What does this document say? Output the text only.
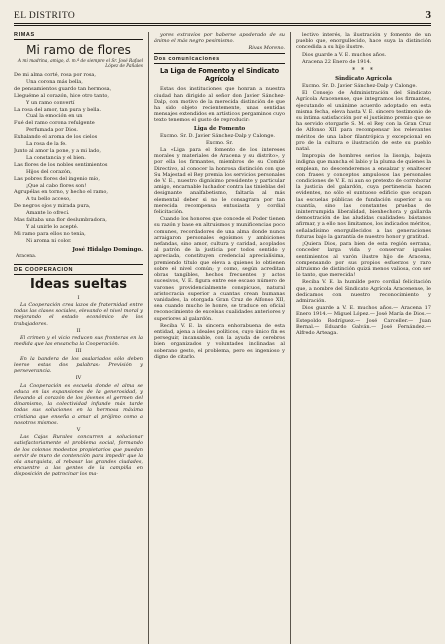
EL DISTRITO	3
RIMAS
Mi ramo de flores
A mi madrina, amigo, d. m.ª de siempre el Sr. José Rafael López de Pañales

De mi alma corté, rosa por rosa,

Una corona más bella,

de pensamientos guardo tan hermosa,

Lleguéme al corazón, hice otro tanto,

Y un ramo convertí

La rosa del amor, tan pura y bella.

Cual la emoción en un

Fué del ramo corona refulgente

Perfumada por Dios.

Exhalando el aroma de los cielos

La rosa de la fe.

Junto al amor la pone, y a mi lado,

La constancia y el bien.

Las flores de los nobles sentimientos

Hijos del corazón,

Las pobres flores del ingenio mío,

¡Que al cabo flores son!

Agrupélas en torno, y hecho el ramo,

A tu bello acceso,

De negros ojos y mirada pura,

Amante lo ofrecí.

Mas faltaba una flor deslumbradora,

Y al unirle lo acepté.

Mi ramo para ellos no tenía,

Ni aroma ni color.

José Hidalgo Domingo.

Aracena.

DE COOPERACION
Ideas sueltas

I

La Cooperación crea lazos de fraternidad entre todas las clases sociales, elevando el nivel moral y mejorando el estado económico de los trabajadores.

II

El crimen y el vicio reducen sus fronteras en la medida que las ensancha la Cooperación.

III

En la bandera de los asalariados sólo deben leerse estas dos palabras: Previsión y perseverancia.

IV

La Cooperación es escuela donde el alma se educa en las expansiones de la generosidad, y llevando al corazón de los jóvenes el germen del dinamismo, la colectividad infunde más tarde todas sus soluciones en la hermosa máxima cristiana que enseña a amar al prójimo como a nosotros mismos.

V

Las Cajas Rurales concurren a solucionar satisfactoriamente el problema social, formando de los colonos modestos propietarios que puedan servir de muro de contención para impedir que la ola anarquista, al rebasar las grandes ciudades, encuentre a las gentes de la campiña en disposición de patrocinar los ma-

yores extravíos por haberse apoderado de su ánimo el más negro pesimismo.

Rivas Moreno.
Dos comunicaciones
La Liga de Fomento y el Sindicato Agrícola

Estas dos instituciones que honran a nuestra ciudad han dirigido al señor don Javier Sánchez-Dalp, con motivo de la merecida distinción de que ha sido objeto recientemente, unas sentidas mensajes extendidos en artísticos pergaminos cuyo texto tenemos el gusto de reproducir:

Liga de Fomento

Excmo. Sr. D. Javier Sánchez-Dalp y Calonge.

Excmo. Sr.

La «Liga para el fomento de los intereses morales y materiales de Aracena y su distrito», y por ella los firmantes, miembros de su Comité Directivo, al conocer la honrosa distinción con que Su Majestad el Rey premia los servicios personales de V. E., nuestro dignísimo presidente y particular amigo, encarnable luchador contra las tinieblas del designante analfabetismo, faltaría al más elemental deber si no le consagrara por tan merecida recompensa entusiasta y cordial felicitación.

Cuando los honores que concede el Poder tienen su razón y base en altruismos y munificencias poco comunes, recordadores de una alma donde nunca arraigaron personales egoísmos y ambiciones nefandas, sino amor, cultura y caridad, acoplados al patrón de la justicia por todos sentido y apreciada, constituyen credencial aprecialísima, premiendo título que eleva a quienes lo obtienen sobre el nivel común; y como, según acreditan obras tangibles, hechos frecuentes y actos sucesivos, V. E. figura entre ese escaso número de varones providencialmente conspicuos, natural aristocracia superior a cuantas crean humanas vanidades, la otorgada Gran Cruz de Alfonso XII, sea cuando mucho le honre, se traduce en oficial reconocimiento de excelsas cualidades anteriores y superiores al galardón.

Reciba V. E. la sincera enhorabuena de esta entidad, ajena a ideales políticos, cuyo único fin es perseguir, incansable, con la ayuda de cerebros bien organizados y voluntades inclinadas al soberano gesto, el problema, pero es ingenioso y digno de citarlo.

lectivo interés, la ilustración y fomento de un pueblo que, enorgullecido, hace suya la distinción concedida a su hijo ilustre.

Dios guarde a V. E. muchos años.

Aracena 22 Enero de 1914.

* * *
Sindicato Agrícola

Excmo. Sr. D. Javier Sánchez-Dalp y Calonge.

El Consejo de Administración del Sindicato Agrícola Aracenense, que integramos los firmantes, ejecutando el unánime acuerdo adoptado en esta misma fecha, eleva hasta V. E. sincero testimonio de su íntima satisfacción por el justísimo premio que se ha servido otorgarle S. M. el Rey con la Gran Cruz de Alfonso XII para recompensar los relevantes méritos de una labor filantrópica y excepcional en pro de la cultura e ilustración de este su pueblo natal.

Impropia de hombres serios la lisonja, bajeza indigna que mancha el labio y la pluma de quienes la emplean, no descenderemos a ensalzar y enaltecer con frases y conceptos ampulosos las personales condiciones de V. E. ni aun so pretexto de corroborar la justicia del galardón, cuya pertinencia hacen evidentes, no sólo el suntuoso edificio que ocupan las escuelas públicas de fundación superior a su cuantía, sino las constantes pruebas de ininterrumpida liberalidad, bienhechora y gallarda demostración de las aludidas cualidades: bástanos afirmar, y a ello nos limitamos, los indicados méritos, señaladísimo enorgullecidos a las generaciones futuras bajo la garantía de nuestro honor y gratitud.

¡Quiera Dios, para bien de esta región serrana, conceder larga vida y conservar iguales sentimientos al varón ilustre hijo de Aracena, compensando por sus propios esfuerzos y raro altruismo de distinción quizá menos valiosa, con ser lo tanto, que merecida!

Reciba V. E. la humilde pero cordial felicitación que, a nombre del Sindicato Agrícola Aracenense, le dedicamos con nuestro reconocimiento y admiración.

Dios guarde a V. E. muchos años.— Aracena 17 Enero 1914.— Miguel López.— José María de Dios.— Estepoldo Rodríguez.— José Carceller.— Juan Bernal.— Eduardo Galván.— José Fernández.— Alfredo Arteaga.
